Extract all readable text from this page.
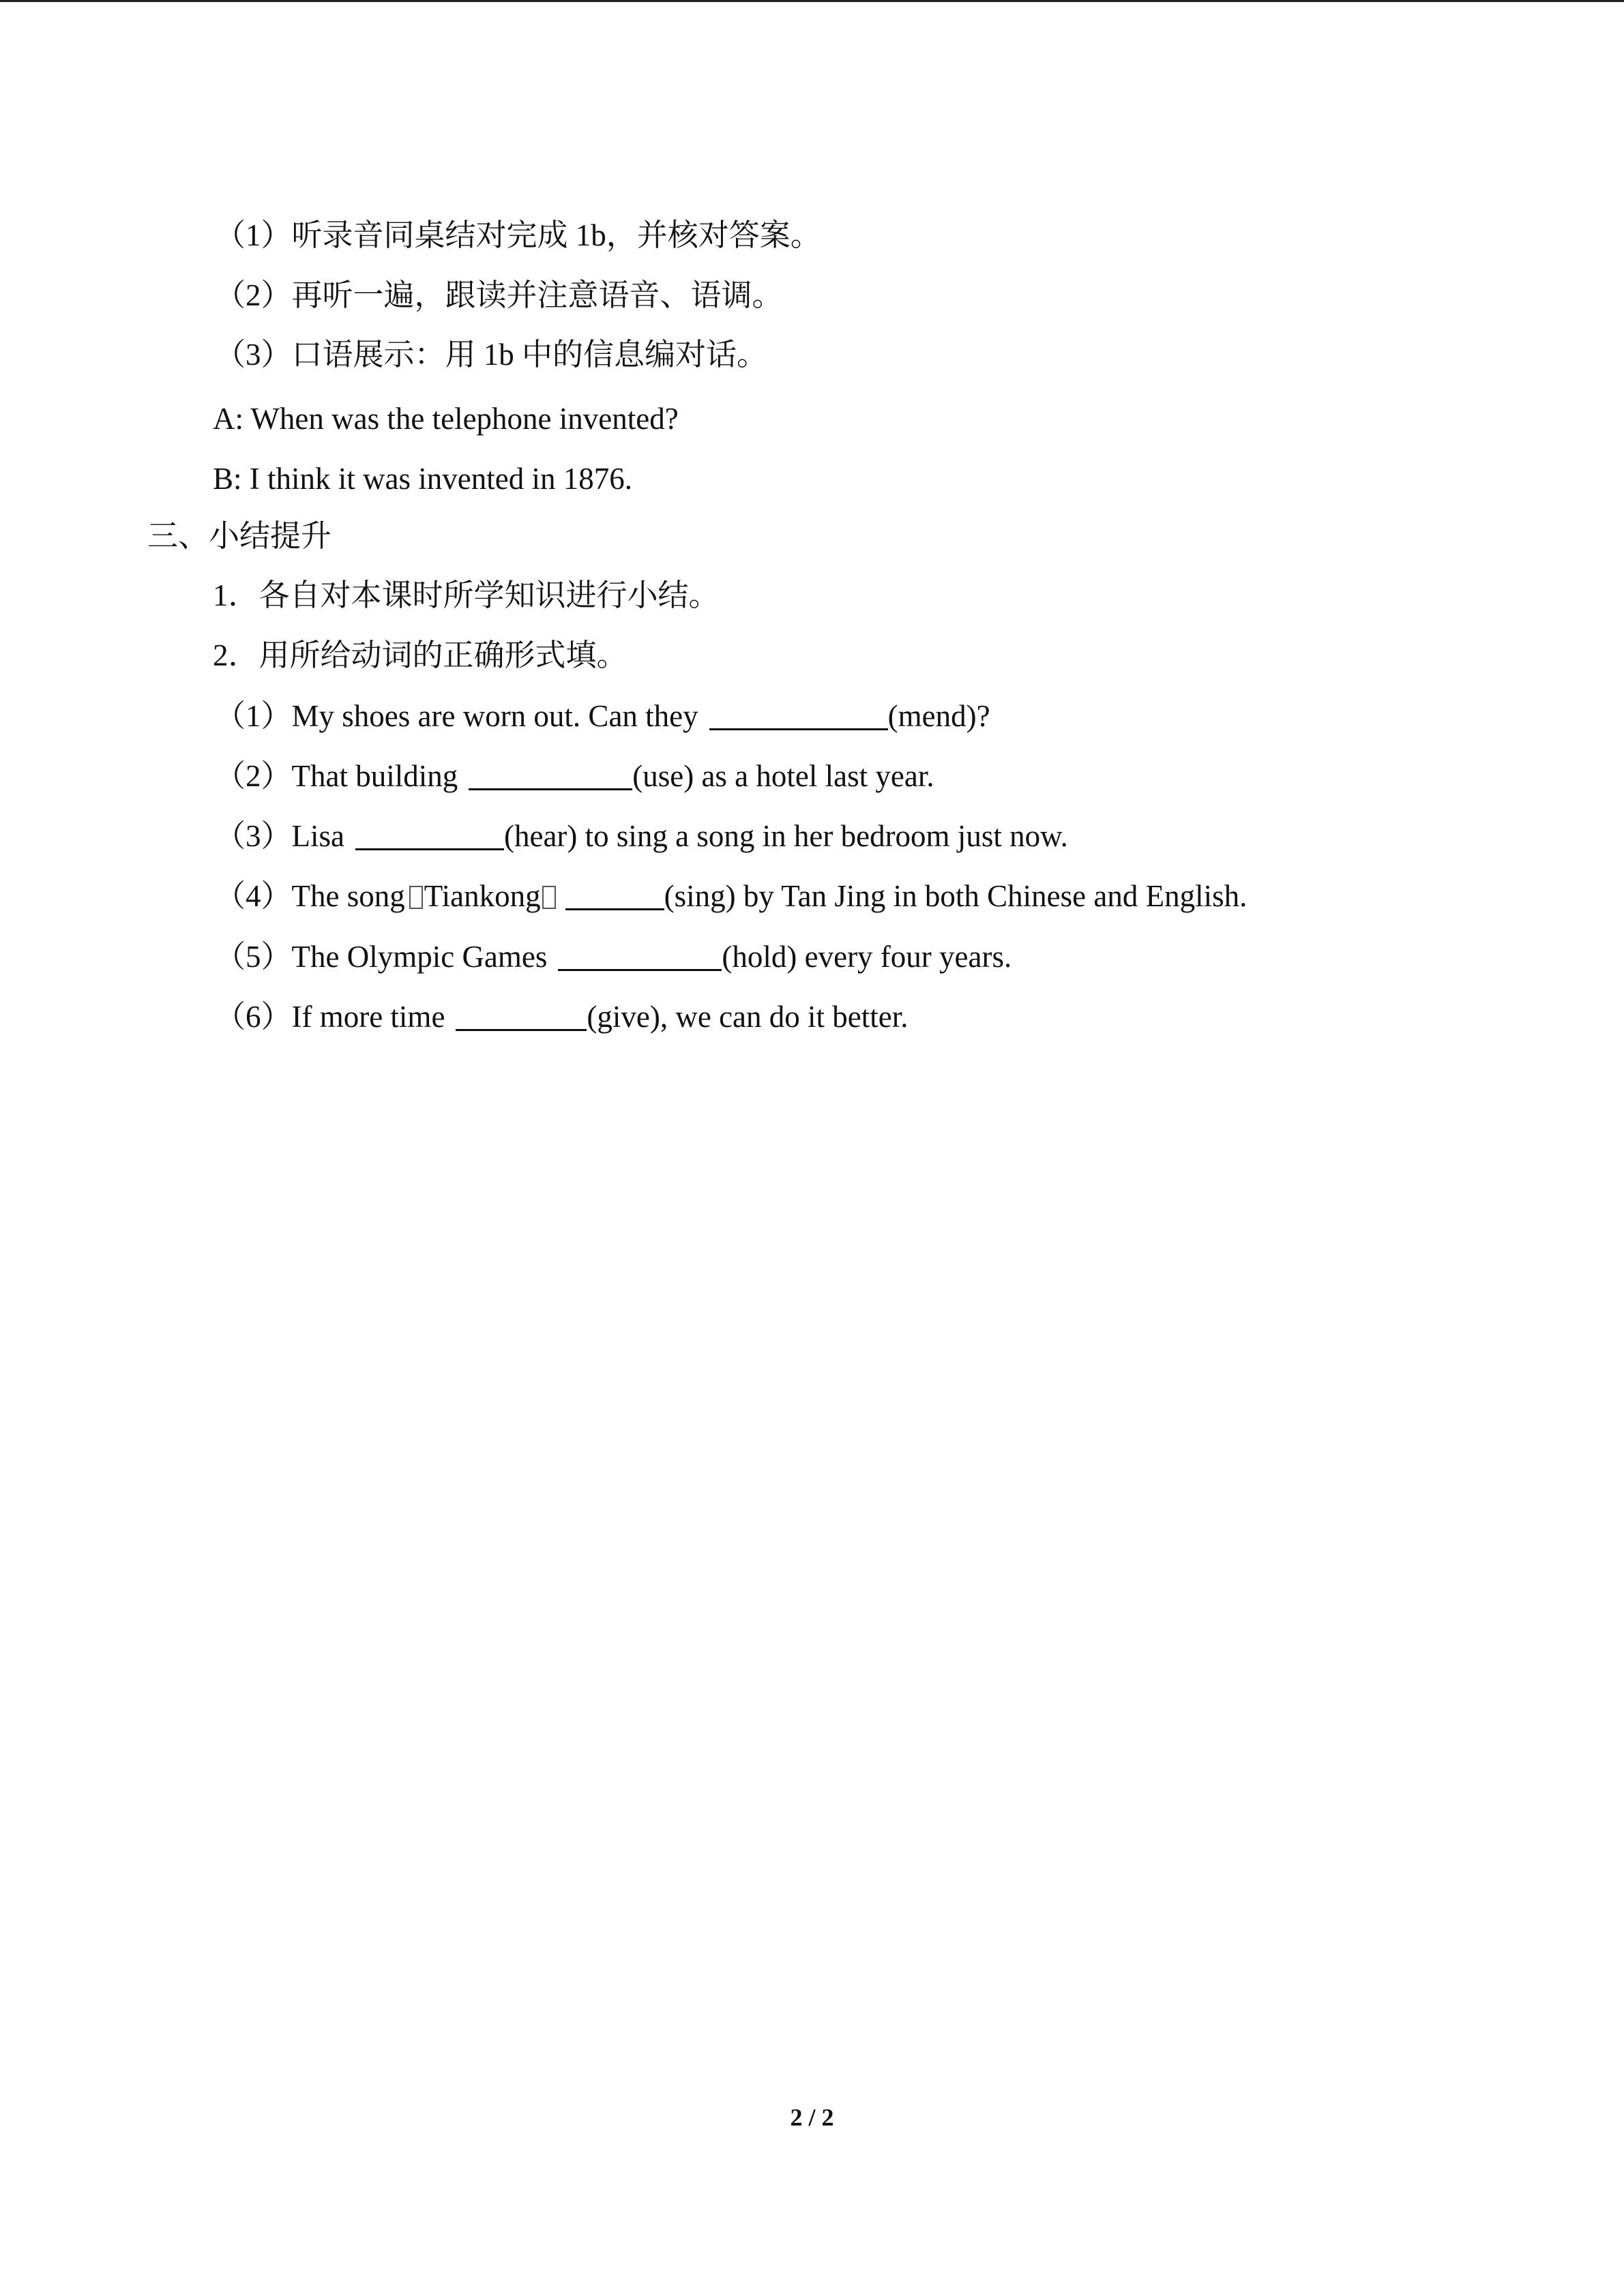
（1）听录音同桌结对完成 1b，并核对答案。
（2）再听一遍，跟读并注意语音、语调。
（3）口语展示：用 1b 中的信息编对话。
A: When was the telephone invented?
B: I think it was invented in 1876.
三、小结提升
1．各自对本课时所学知识进行小结。
2．用所给动词的正确形式填。
（1）My shoes are worn out. Can they	(mend)?
（2）That building	(use) as a hotel last year.
（3）Lisa	(hear) to sing a song in her bedroom just now.
（4）The song Tiankong	(sing) by Tan Jing in both Chinese and English.
（5）The Olympic Games	(hold) every four years.
（6）If more time	(give), we can do it better.
2 / 2
